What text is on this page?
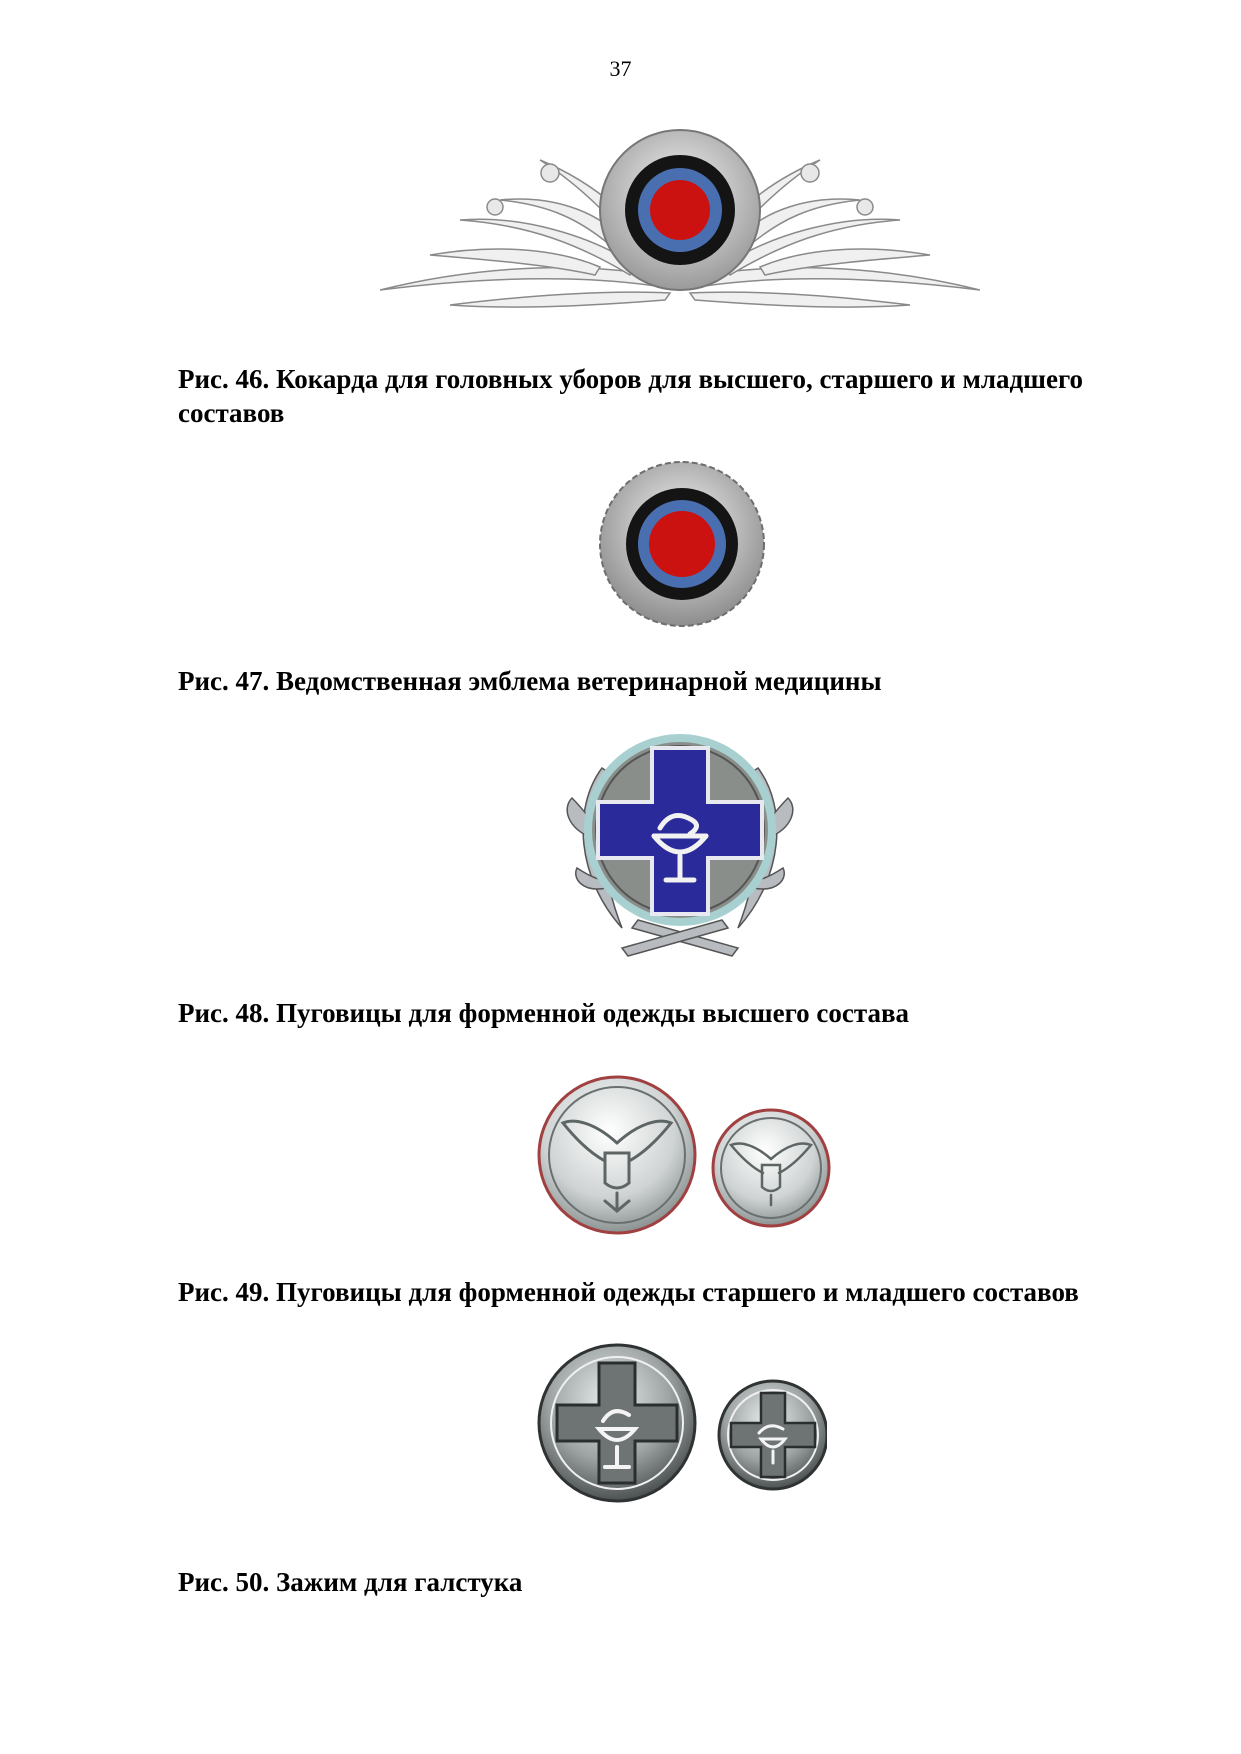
37
Рис. 46. Кокарда для головных уборов для высшего, старшего и младшего составов
Рис. 47. Ведомственная эмблема ветеринарной медицины
Рис. 48. Пуговицы для форменной одежды высшего состава
Рис. 49. Пуговицы для форменной одежды старшего и младшего составов
Рис. 50. Зажим для галстука
